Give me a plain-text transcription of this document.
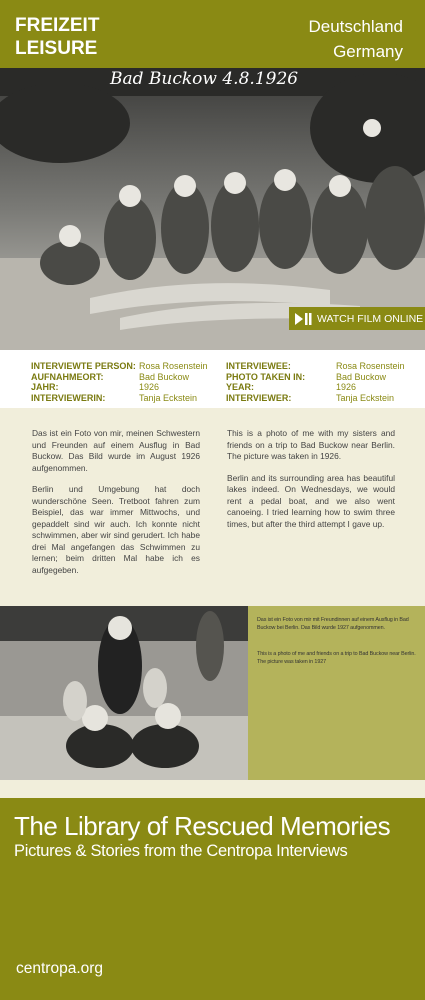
FREIZEIT
LEISURE
Deutschland
Germany
Bad Buckow 4.8.1926
WATCH FILM ONLINE
INTERVIEWTE PERSON: Rosa Rosenstein
AUFNAHMEORT:	Bad Buckow
JAHR:	1926
INTERVIEWERIN:	Tanja Eckstein
INTERVIEWEE:	Rosa Rosenstein
PHOTO TAKEN IN:	Bad Buckow
YEAR:	1926
INTERVIEWER:	Tanja Eckstein

Das ist ein Foto von mir, meinen Schwestern und Freunden auf einem Ausflug in Bad Buckow. Das Bild wurde im August 1926 aufgenommen.

Berlin und Umgebung hat doch wunderschöne Seen. Tretboot fahren zum Beispiel, das war immer Mittwochs, und gepaddelt sind wir auch. Ich konnte nicht schwimmen, aber wir sind gerudert. Ich habe drei Mal angefangen das Schwimmen zu lernen; beim dritten Mal habe ich es aufgegeben.

This is a photo of me with my sisters and friends on a trip to Bad Buckow near Berlin. The picture was taken in 1926.

Berlin and its surrounding area has beautiful lakes indeed. On Wednesdays, we would rent a pedal boat, and we also went canoeing. I tried learning how to swim three times, but after the third attempt I gave up.

Das ist ein Foto von mir mit Freundinnen auf einem Ausflug in Bad Buckow bei Berlin. Das Bild wurde 1927 aufgenommen.

This is a photo of me and friends on a trip to Bad Buckow near Berlin. The picture was taken in 1927

The Library of Rescued Memories
Pictures & Stories from the Centropa Interviews
centropa.org
